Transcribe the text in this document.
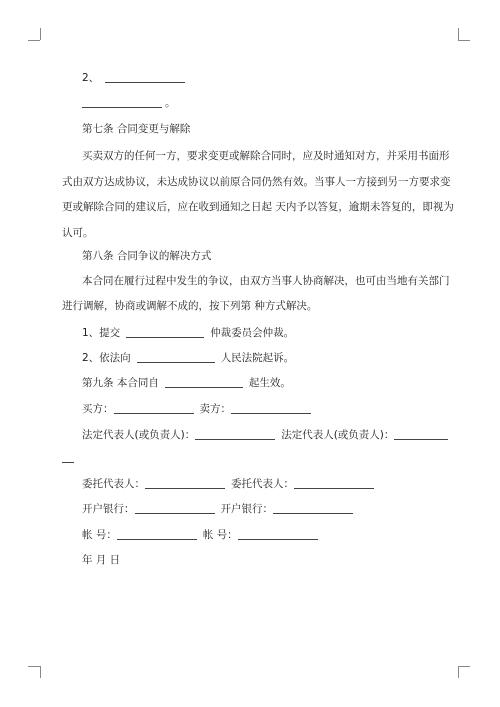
2、
。
第七条 合同变更与解除
买卖双方的任何一方，要求变更或解除合同时，应及时通知对方，并采用书面形
式由双方达成协议，未达成协议以前原合同仍然有效。当事人一方接到另一方要求变
更或解除合同的建议后，应在收到通知之日起 天内予以答复，逾期未答复的，即视为
认可。
第八条 合同争议的解决方式
本合同在履行过程中发生的争议，由双方当事人协商解决，也可由当地有关部门
进行调解，协商或调解不成的，按下列第 种方式解决。
1、提交	仲裁委员会仲裁。
2、依法向	人民法院起诉。
第九条 本合同自	起生效。
买方：	卖方：
法定代表人(或负责人)：	法定代表人(或负责人)：
委托代表人：	委托代表人：
开户银行：	开户银行：
帐 号：	帐 号：
年 月 日
